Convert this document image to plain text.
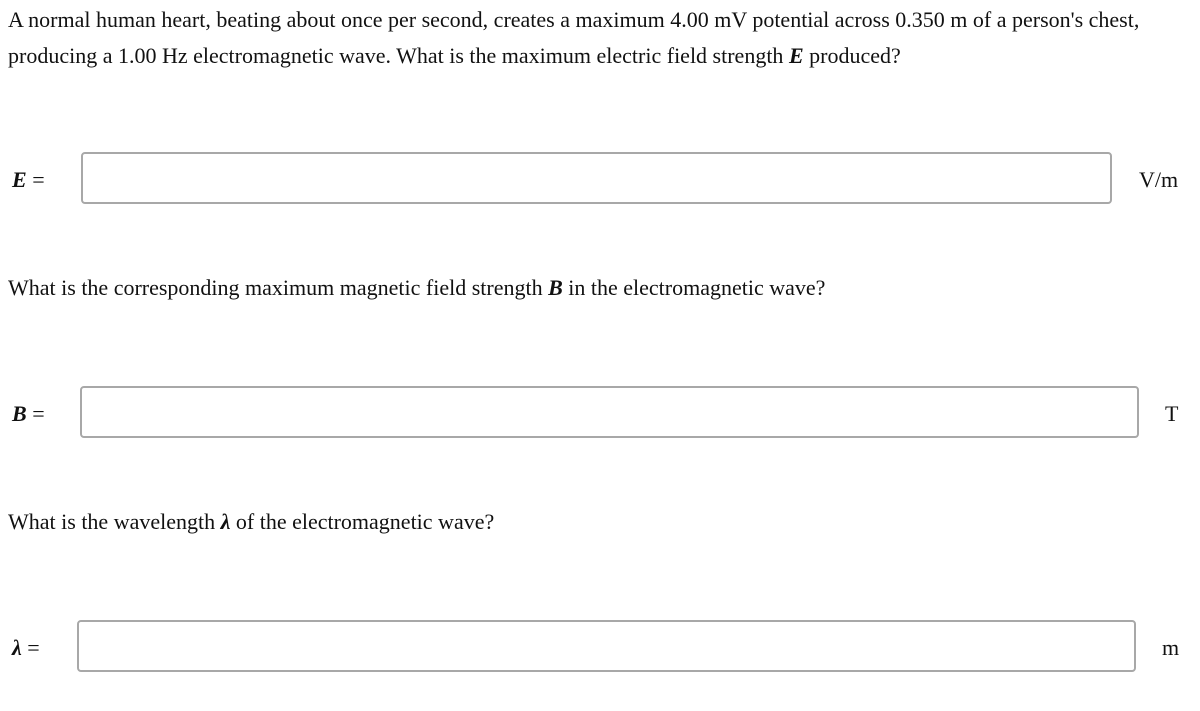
A normal human heart, beating about once per second, creates a maximum 4.00 mV potential across 0.350 m of a person's chest, producing a 1.00 Hz electromagnetic wave. What is the maximum electric field strength E produced?

E =	V/m

What is the corresponding maximum magnetic field strength B in the electromagnetic wave?

B =	T

What is the wavelength λ of the electromagnetic wave?

λ =	m
